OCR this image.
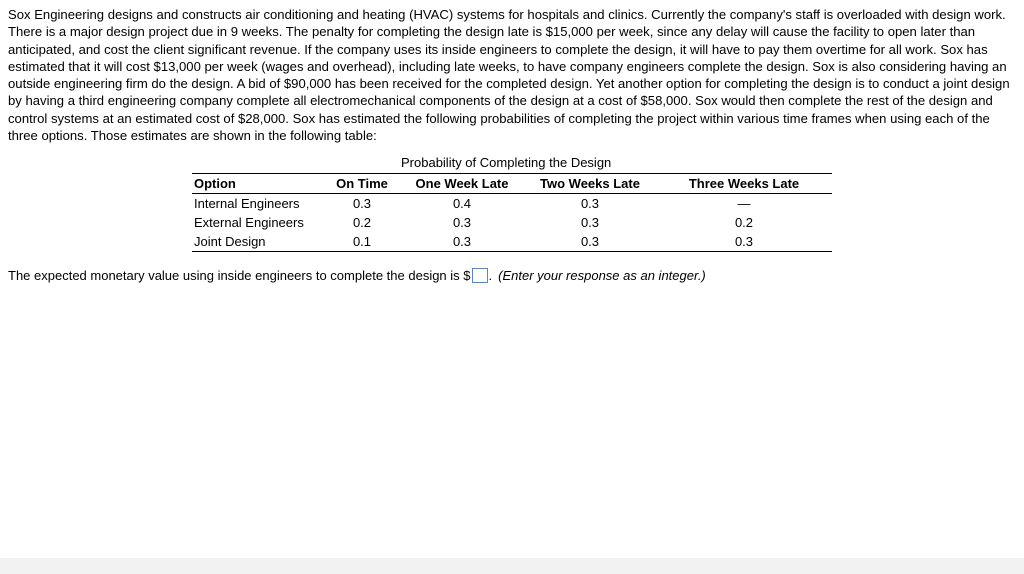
Sox Engineering designs and constructs air conditioning and heating (HVAC) systems for hospitals and clinics. Currently the company's staff is overloaded with design work. There is a major design project due in 9 weeks. The penalty for completing the design late is $15,000 per week, since any delay will cause the facility to open later than anticipated, and cost the client significant revenue. If the company uses its inside engineers to complete the design, it will have to pay them overtime for all work. Sox has estimated that it will cost $13,000 per week (wages and overhead), including late weeks, to have company engineers complete the design. Sox is also considering having an outside engineering firm do the design. A bid of $90,000 has been received for the completed design. Yet another option for completing the design is to conduct a joint design by having a third engineering company complete all electromechanical components of the design at a cost of $58,000. Sox would then complete the rest of the design and control systems at an estimated cost of $28,000. Sox has estimated the following probabilities of completing the project within various time frames when using each of the three options. Those estimates are shown in the following table:

Probability of Completing the Design
Option	On Time	One Week Late	Two Weeks Late	Three Weeks Late
Internal Engineers	0.3	0.4	0.3	—
External Engineers	0.2	0.3	0.3	0.2
Joint Design	0.1	0.3	0.3	0.3
The expected monetary value using inside engineers to complete the design is $ . (Enter your response as an integer.)
